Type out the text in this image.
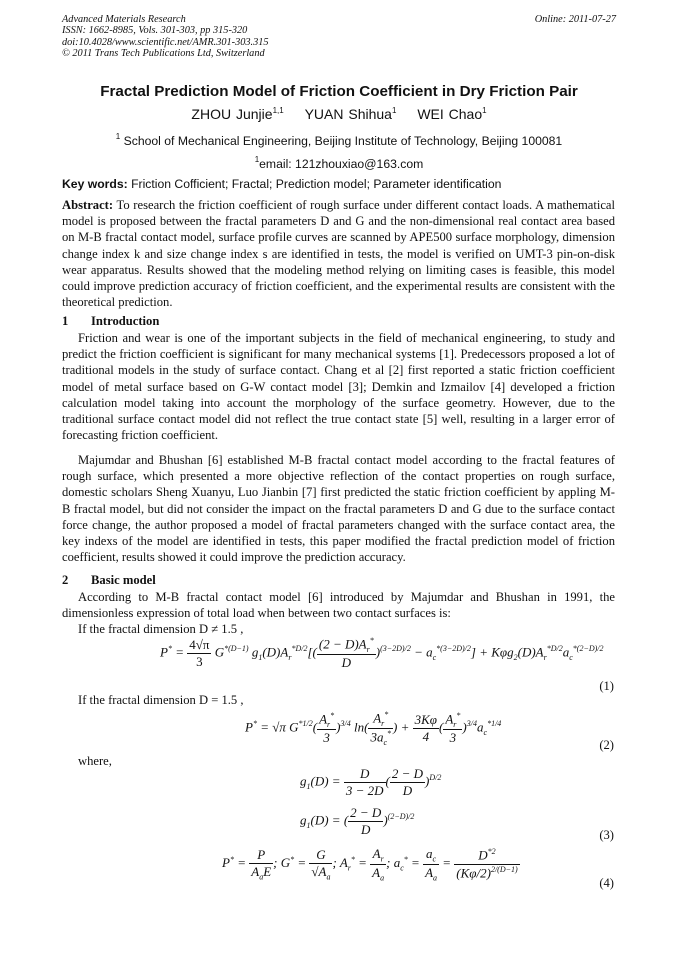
Advanced Materials Research
ISSN: 1662-8985, Vols. 301-303, pp 315-320
doi:10.4028/www.scientific.net/AMR.301-303.315
© 2011 Trans Tech Publications Ltd, Switzerland
Online: 2011-07-27
Fractal Prediction Model of Friction Coefficient in Dry Friction Pair
ZHOU Junjie$^{1,1}$ YUAN Shihua$^1$ WEI Chao$^1$
$^1$ School of Mechanical Engineering, Beijing Institute of Technology, Beijing 100081
$^1$email: 121zhouxiao@163.com
Key words: Friction Cofficient; Fractal; Prediction model; Parameter identification
Abstract: To research the friction coefficient of rough surface under different contact loads. A mathematical model is proposed between the fractal parameters D and G and the non-dimensional real contact area based on M-B fractal contact model, surface profile curves are scanned by APE500 surface morphology, dimension change index k and size change index s are identified in tests, the model is verified on UMT-3 pin-on-disk wear apparatus. Results showed that the modeling method relying on limiting cases is feasible, this model could improve prediction accuracy of friction coefficient, and the experimental results are consistent with the theoretical prediction.
1 Introduction
Friction and wear is one of the important subjects in the field of mechanical engineering, to study and predict the friction coefficient is significant for many mechanical systems [1]. Predecessors proposed a lot of traditional models in the study of surface contact. Chang et al [2] first reported a static friction coefficient model of metal surface based on G-W contact model [3]; Demkin and Izmailov [4] developed a friction calculation model taking into account the morphology of the surface geometry. However, due to the traditional surface contact model did not reflect the true contact state [5] well, resulting in a larger error of forecasting friction coefficient.
Majumdar and Bhushan [6] established M-B fractal contact model according to the fractal features of rough surface, which presented a more objective reflection of the contact properties on rough surface, domestic scholars Sheng Xuanyu, Luo Jianbin [7] first predicted the static friction coefficient by appling M-B fractal model, but did not consider the impact on the fractal parameters D and G due to the surface contact force change, the author proposed a model of fractal parameters changed with the surface contact area, the key indexs of the model are identified in tests, this paper modified the fractal prediction model of friction coefficient, results showed it could improve the prediction accuracy.
2 Basic model
According to M-B fractal contact model [6] introduced by Majumdar and Bhushan in 1991, the dimensionless expression of total load when between two contact surfaces is:
If the fractal dimension D ≠ 1.5 ,
$P^* = \frac{4√\pi}{3} G^{*(D-1)}$ $g_1(D)A_r^{*D/2}[( \frac{(2 - D)A_r^*}{D} )^{(3-2D)/2} - a_c^{*(3-2D)/2}] + K\varphi g_2(D)A_r^{*D/2}a_c^{*(2-D)/2}$
(1)
If the fractal dimension D = 1.5 ,
P* = √π $G^{*1/2}( \frac{A_r^*}{3} )^{3/4}$ $\ln( \frac{A_r^*}{3a_c^*}$ ) + $\frac{3K\varphi}{4}$ ( $\frac{A_r^*}{3} )^{3/4}a_c^{*1/4}$
(2)
where,
$g_1(D) = \frac{D}{3 - 2D}$ ( $\frac{2 - D}{D} )^{D/2}$
$g_1(D)$ = ( $\frac{2 - D}{D} )^{(2-D)/2}$
(3)
$P^* = \frac{P}{A_aE}$ ; $G^* = \frac{G}{√A_a}$ ; $A_r^* = \frac{A_r}{A_a}$ ; $a_c^* = \frac{a_c}{A_a} = \frac{D^{*2}}{(K\varphi/2)^{2/(D-1)}}$
(4)
